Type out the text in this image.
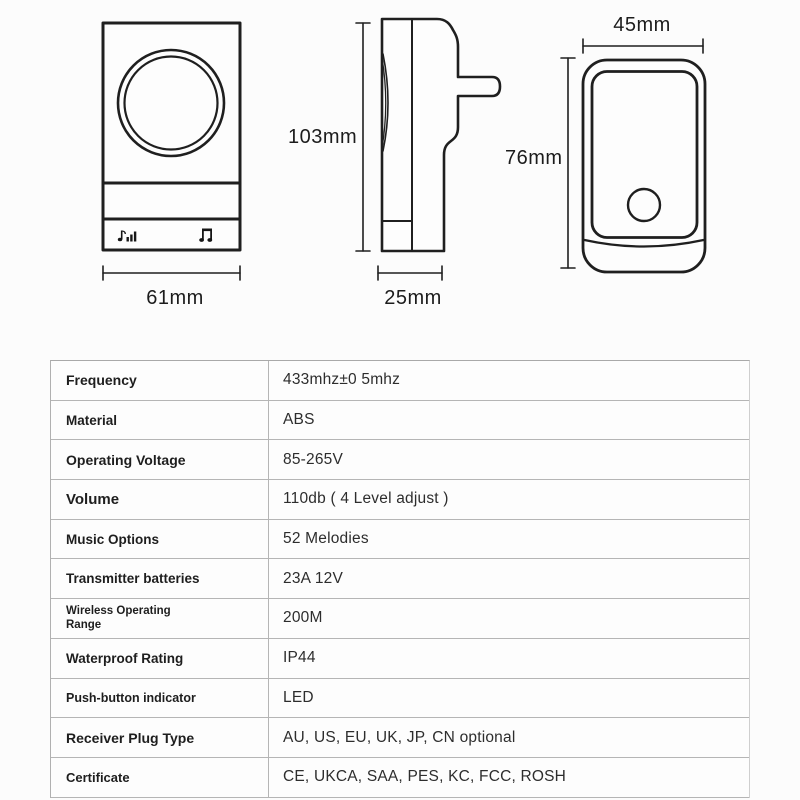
61mm
103mm
25mm
45mm
76mm
Frequency	433mhz±0 5mhz
Material	ABS
Operating Voltage	85-265V
Volume	110db ( 4 Level adjust )
Music Options	52 Melodies
Transmitter batteries	23A 12V
Wireless Operating Range	200M
Waterproof Rating	IP44
Push-button indicator	LED
Receiver Plug Type	AU, US, EU, UK, JP, CN optional
Certificate	CE, UKCA, SAA, PES, KC, FCC, ROSH
